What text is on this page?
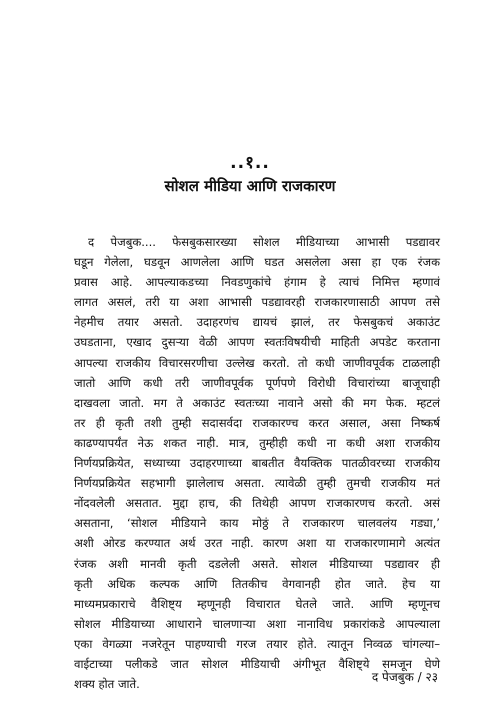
..१..
सोशल मीडिया आणि राजकारण
द पेजबुक.... फेसबुकसारख्या सोशल मीडियाच्या आभासी पडद्यावर
घडून गेलेला, घडवून आणलेला आणि घडत असलेला असा हा एक रंजक
प्रवास आहे. आपल्याकडच्या निवडणुकांचे हंगाम हे त्याचं निमित्त म्हणावं
लागत असलं, तरी या अशा आभासी पडद्यावरही राजकारणासाठी आपण तसे
नेहमीच तयार असतो. उदाहरणंच द्यायचं झालं, तर फेसबुकचं अकाउंट
उघडताना, एखाद दुसऱ्या वेळी आपण स्वतःविषयीची माहिती अपडेट करताना
आपल्या राजकीय विचारसरणीचा उल्लेख करतो. तो कधी जाणीवपूर्वक टाळलाही
जातो आणि कधी तरी जाणीवपूर्वक पूर्णपणे विरोधी विचारांच्या बाजूचाही
दाखवला जातो. मग ते अकाउंट स्वतःच्या नावाने असो की मग फेक. म्हटलं
तर ही कृती तशी तुम्ही सदासर्वदा राजकारण्च करत असाल, असा निष्कर्ष
काढण्यापर्यंत नेऊ शकत नाही. मात्र, तुम्हीही कधी ना कधी अशा राजकीय
निर्णयप्रक्रियेत, सध्याच्या उदाहरणाच्या बाबतीत वैयक्तिक पातळीवरच्या राजकीय
निर्णयप्रक्रियेत सहभागी झालेलाच असता. त्यावेळी तुम्ही तुमची राजकीय मतं
नोंदवलेली असतात. मुद्दा हाच, की तिथेही आपण राजकारणच करतो. असं
असताना, ‘सोशल मीडियाने काय मोठ्ठं ते राजकारण चालवलंय गड्या,’
अशी ओरड करण्यात अर्थ उरत नाही. कारण अशा या राजकारणामागे अत्यंत
रंजक अशी मानवी कृती दडलेली असते. सोशल मीडियाच्या पडद्यावर ही
कृती अधिक कल्पक आणि तितकीच वेगवानही होत जाते. हेच या
माध्यमप्रकाराचे वैशिष्ट्य म्हणूनही विचारात घेतले जाते. आणि म्हणूनच
सोशल मीडियाच्या आधाराने चालणाऱ्या अशा नानाविध प्रकारांकडे आपल्याला
एका वेगळ्या नजरेतून पाहण्याची गरज तयार होते. त्यातून निव्वळ चांगल्या–
वाईटाच्या पलीकडे जात सोशल मीडियाची अंगीभूत वैशिष्ट्ये समजून घेणे
शक्य होत जाते.
द पेजबुक / २३
